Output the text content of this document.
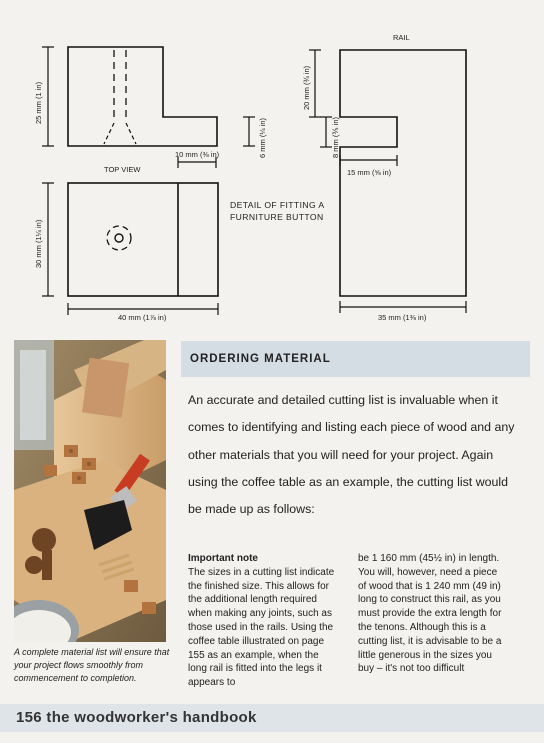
25 mm (1 in)
6 mm (¼ in)
10 mm (⅜ in)
TOP VIEW
30 mm (1¼ in)
40 mm (1⅞ in)
RAIL
20 mm (¾ in)
8 mm (⅗ in)
15 mm (⅝ in)
35 mm (1⅜ in)
DETAIL OF FITTING A
FURNITURE BUTTON
A complete material list will ensure that your project flows smoothly from commencement to completion.
ORDERING MATERIAL
An accurate and detailed cutting list is invaluable when it comes to identifying and listing each piece of wood and any other materials that you will need for your project. Again using the coffee table as an example, the cutting list would be made up as follows:
Important note
The sizes in a cutting list indicate the finished size. This allows for the additional length required when making any joints, such as those used in the rails. Using the coffee table illustrated on page 155 as an example, when the long rail is fitted into the legs it appears to
be 1 160 mm (45½ in) in length. You will, however, need a piece of wood that is 1 240 mm (49 in) long to construct this rail, as you must provide the extra length for the tenons. Although this is a cutting list, it is advisable to be a little generous in the sizes you buy – it's not too difficult
156 the woodworker's handbook
